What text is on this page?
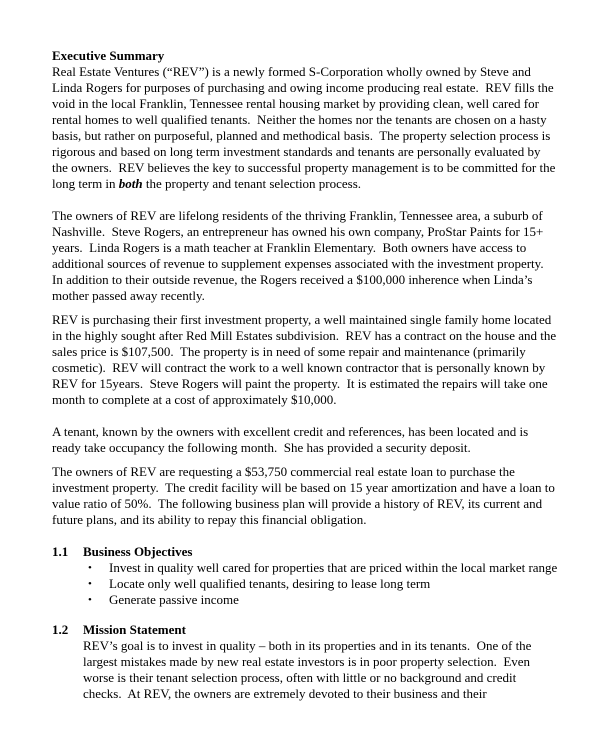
Executive Summary
Real Estate Ventures (“REV”) is a newly formed S-Corporation wholly owned by Steve and
Linda Rogers for purposes of purchasing and owing income producing real estate.  REV fills the
void in the local Franklin, Tennessee rental housing market by providing clean, well cared for
rental homes to well qualified tenants.  Neither the homes nor the tenants are chosen on a hasty
basis, but rather on purposeful, planned and methodical basis.  The property selection process is
rigorous and based on long term investment standards and tenants are personally evaluated by
the owners.  REV believes the key to successful property management is to be committed for the
long term in both the property and tenant selection process.
The owners of REV are lifelong residents of the thriving Franklin, Tennessee area, a suburb of
Nashville.  Steve Rogers, an entrepreneur has owned his own company, ProStar Paints for 15+
years.  Linda Rogers is a math teacher at Franklin Elementary.  Both owners have access to
additional sources of revenue to supplement expenses associated with the investment property.
In addition to their outside revenue, the Rogers received a $100,000 inherence when Linda’s
mother passed away recently.
REV is purchasing their first investment property, a well maintained single family home located
in the highly sought after Red Mill Estates subdivision.  REV has a contract on the house and the
sales price is $107,500.  The property is in need of some repair and maintenance (primarily
cosmetic).  REV will contract the work to a well known contractor that is personally known by
REV for 15years.  Steve Rogers will paint the property.  It is estimated the repairs will take one
month to complete at a cost of approximately $10,000.
A tenant, known by the owners with excellent credit and references, has been located and is
ready take occupancy the following month.  She has provided a security deposit.
The owners of REV are requesting a $53,750 commercial real estate loan to purchase the
investment property.  The credit facility will be based on 15 year amortization and have a loan to
value ratio of 50%.  The following business plan will provide a history of REV, its current and
future plans, and its ability to repay this financial obligation.
1.1 Business Objectives
• Invest in quality well cared for properties that are priced within the local market range
• Locate only well qualified tenants, desiring to lease long term
• Generate passive income
1.2 Mission Statement
REV’s goal is to invest in quality – both in its properties and in its tenants.  One of the
largest mistakes made by new real estate investors is in poor property selection.  Even
worse is their tenant selection process, often with little or no background and credit
checks.  At REV, the owners are extremely devoted to their business and their
